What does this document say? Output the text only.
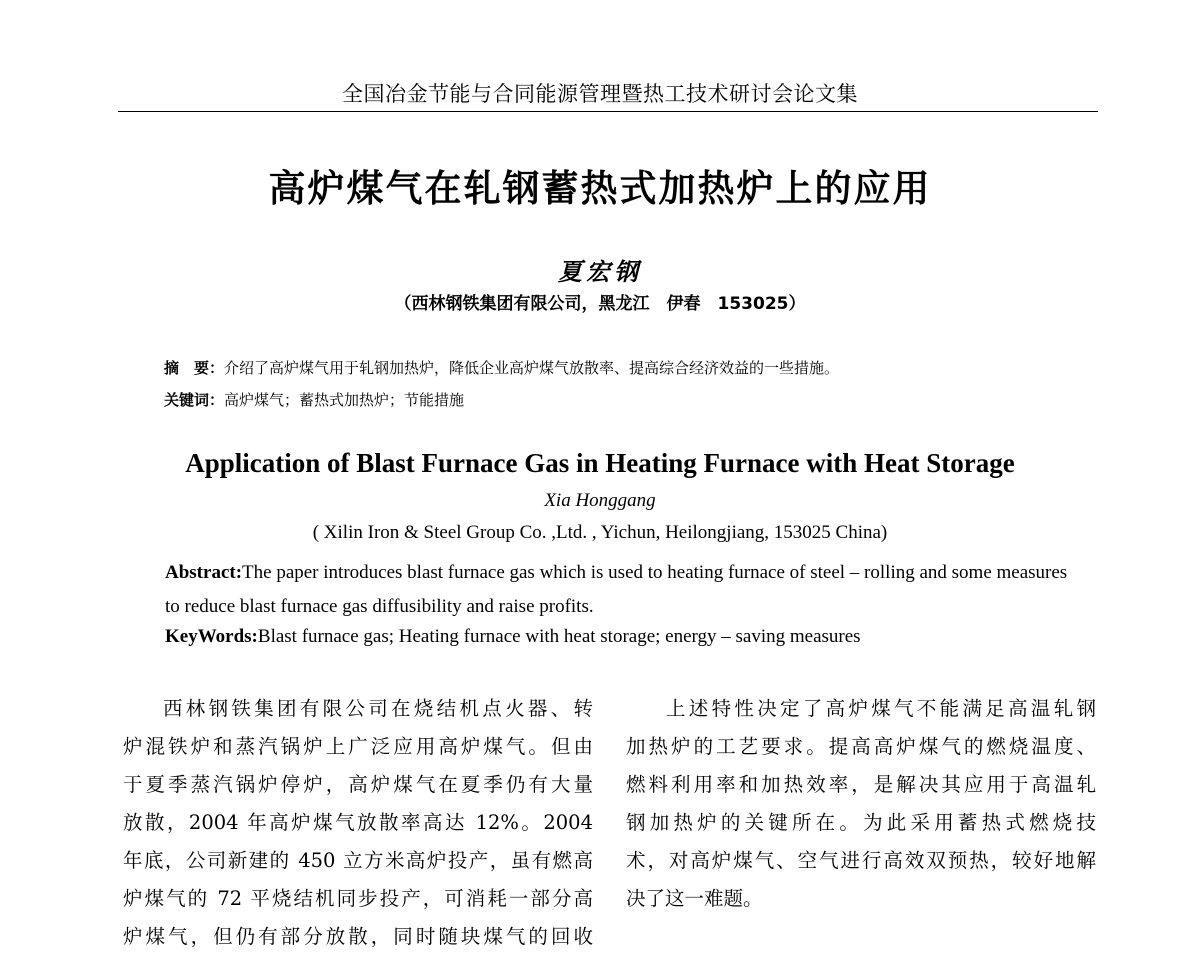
全国冶金节能与合同能源管理暨热工技术研讨会论文集
高炉煤气在轧钢蓄热式加热炉上的应用
夏宏钢
（西林钢铁集团有限公司，黑龙江　伊春　153025）
摘　要：介绍了高炉煤气用于轧钢加热炉，降低企业高炉煤气放散率、提高综合经济效益的一些措施。
关键词：高炉煤气；蓄热式加热炉；节能措施
Application of Blast Furnace Gas in Heating Furnace with Heat Storage
Xia Honggang
( Xilin Iron & Steel Group Co. ,Ltd. , Yichun, Heilongjiang, 153025 China)
Abstract:The paper introduces blast furnace gas which is used to heating furnace of steel – rolling and some measures to reduce blast furnace gas diffusibility and raise profits.
KeyWords:Blast furnace gas; Heating furnace with heat storage; energy – saving measures
西林钢铁集团有限公司在烧结机点火器、转
炉混铁炉和蒸汽锅炉上广泛应用高炉煤气。但由
于夏季蒸汽锅炉停炉，高炉煤气在夏季仍有大量
放散，2004 年高炉煤气放散率高达 12%。2004
年底，公司新建的 450 立方米高炉投产，虽有燃高
炉煤气的 72 平烧结机同步投产，可消耗一部分高
炉煤气，但仍有部分放散，同时随块煤气的回收
上述特性决定了高炉煤气不能满足高温轧钢
加热炉的工艺要求。提高高炉煤气的燃烧温度、
燃料利用率和加热效率，是解决其应用于高温轧
钢加热炉的关键所在。为此采用蓄热式燃烧技
术，对高炉煤气、空气进行高效双预热，较好地解
决了这一难题。
